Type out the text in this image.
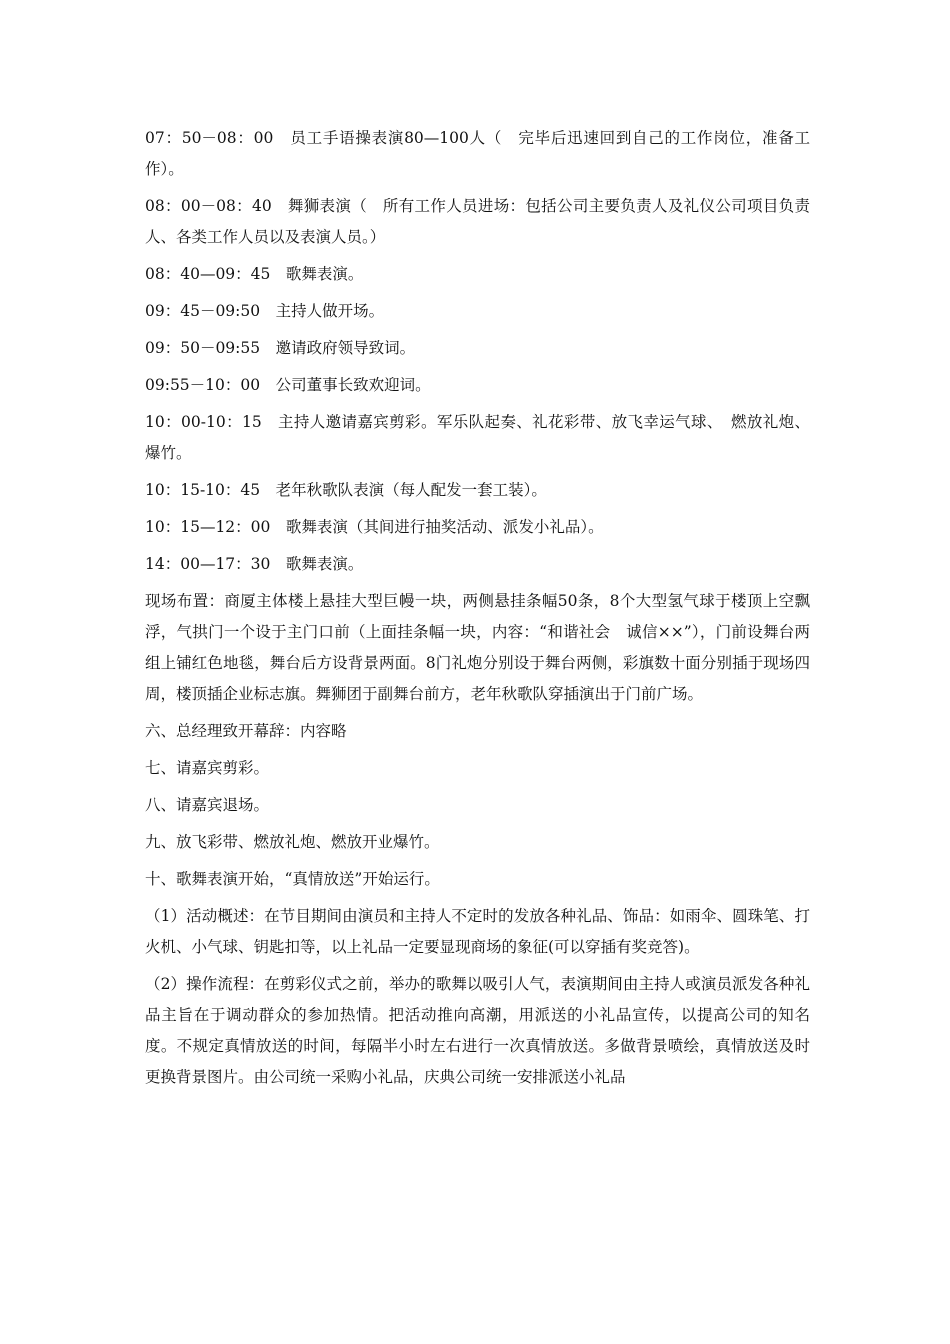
07：50－08：00　员工手语操表演80—100人（　完毕后迅速回到自己的工作岗位，准备工作）。

08：00－08：40　舞狮表演（　所有工作人员进场：包括公司主要负责人及礼仪公司项目负责人、各类工作人员以及表演人员。）

08：40—09：45　歌舞表演。

09：45－09:50　主持人做开场。

09：50－09:55　邀请政府领导致词。

09:55－10：00　公司董事长致欢迎词。

10：00-10：15　主持人邀请嘉宾剪彩。军乐队起奏、礼花彩带、放飞幸运气球、　燃放礼炮、爆竹。

10：15-10：45　老年秋歌队表演（每人配发一套工装）。

10：15—12：00　歌舞表演（其间进行抽奖活动、派发小礼品）。

14：00—17：30　歌舞表演。

现场布置：商厦主体楼上悬挂大型巨幔一块，两侧悬挂条幅50条，8个大型氢气球于楼顶上空飘浮，气拱门一个设于主门口前（上面挂条幅一块，内容：“和谐社会　诚信××”），门前设舞台两组上铺红色地毯，舞台后方设背景两面。8门礼炮分别设于舞台两侧，彩旗数十面分别插于现场四周，楼顶插企业标志旗。舞狮团于副舞台前方，老年秋歌队穿插演出于门前广场。

六、总经理致开幕辞：内容略

七、请嘉宾剪彩。

八、请嘉宾退场。

九、放飞彩带、燃放礼炮、燃放开业爆竹。

十、歌舞表演开始，“真情放送”开始运行。

（1）活动概述：在节目期间由演员和主持人不定时的发放各种礼品、饰品：如雨伞、圆珠笔、打火机、小气球、钥匙扣等，以上礼品一定要显现商场的象征(可以穿插有奖竞答)。

（2）操作流程：在剪彩仪式之前，举办的歌舞以吸引人气，表演期间由主持人或演员派发各种礼品主旨在于调动群众的参加热情。把活动推向高潮，用派送的小礼品宣传，以提高公司的知名度。不规定真情放送的时间，每隔半小时左右进行一次真情放送。多做背景喷绘，真情放送及时更换背景图片。由公司统一采购小礼品，庆典公司统一安排派送小礼品
